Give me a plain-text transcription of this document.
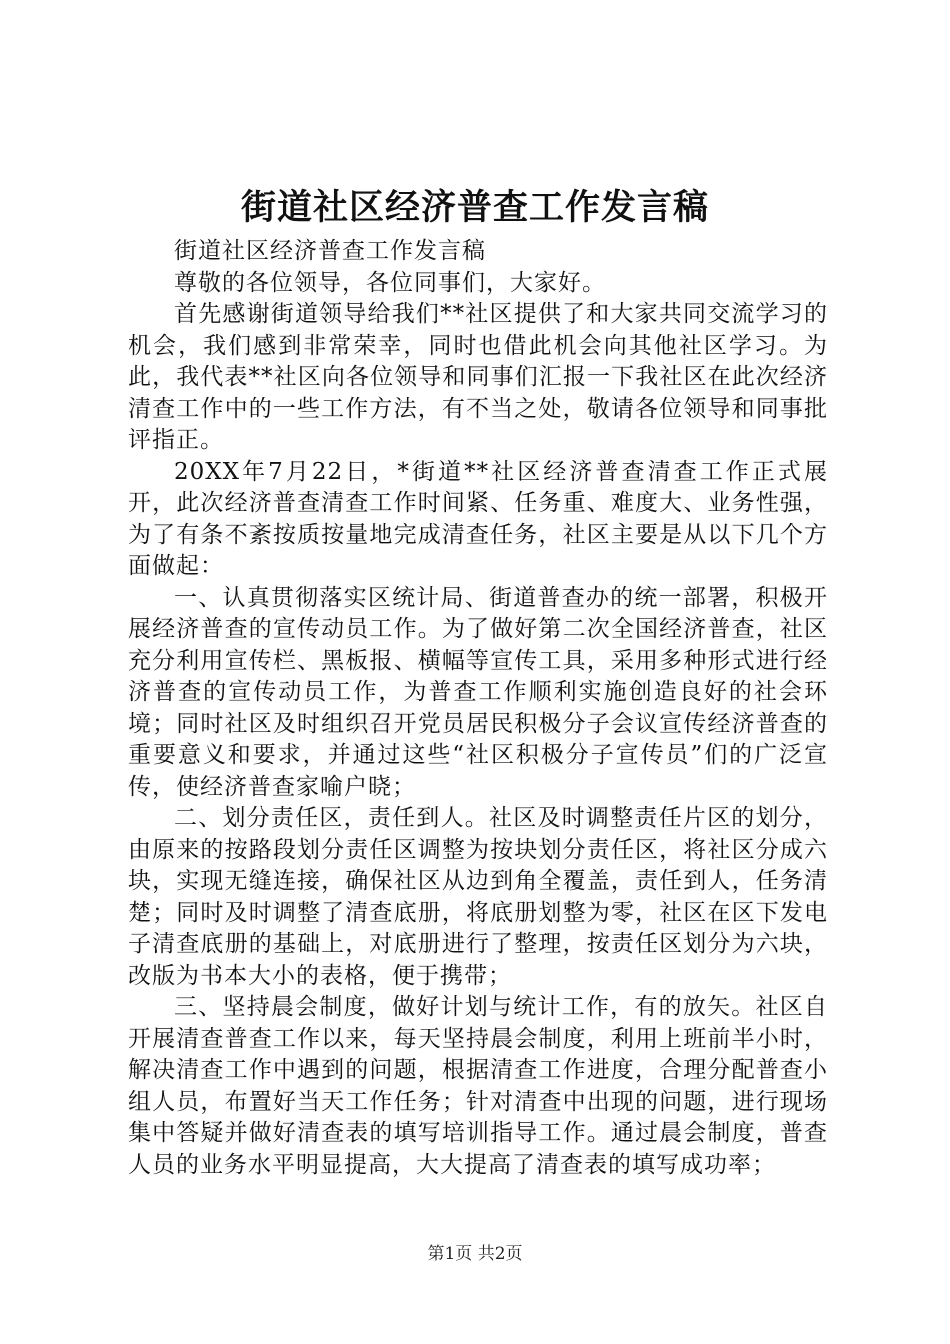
街道社区经济普查工作发言稿

街道社区经济普查工作发言稿

尊敬的各位领导，各位同事们，大家好。

首先感谢街道领导给我们**社区提供了和大家共同交流学习的机会，我们感到非常荣幸，同时也借此机会向其他社区学习。为此，我代表**社区向各位领导和同事们汇报一下我社区在此次经济清查工作中的一些工作方法，有不当之处，敬请各位领导和同事批评指正。

20XX年7月22日，*街道**社区经济普查清查工作正式展开，此次经济普查清查工作时间紧、任务重、难度大、业务性强，为了有条不紊按质按量地完成清查任务，社区主要是从以下几个方面做起：

一、认真贯彻落实区统计局、街道普查办的统一部署，积极开展经济普查的宣传动员工作。为了做好第二次全国经济普查，社区充分利用宣传栏、黑板报、横幅等宣传工具，采用多种形式进行经济普查的宣传动员工作，为普查工作顺利实施创造良好的社会环境；同时社区及时组织召开党员居民积极分子会议宣传经济普查的重要意义和要求，并通过这些“社区积极分子宣传员”们的广泛宣传，使经济普查家喻户晓；

二、划分责任区，责任到人。社区及时调整责任片区的划分，由原来的按路段划分责任区调整为按块划分责任区，将社区分成六块，实现无缝连接，确保社区从边到角全覆盖，责任到人，任务清楚；同时及时调整了清查底册，将底册划整为零，社区在区下发电子清查底册的基础上，对底册进行了整理，按责任区划分为六块，改版为书本大小的表格，便于携带；

三、坚持晨会制度，做好计划与统计工作，有的放矢。社区自开展清查普查工作以来，每天坚持晨会制度，利用上班前半小时，解决清查工作中遇到的问题，根据清查工作进度，合理分配普查小组人员，布置好当天工作任务；针对清查中出现的问题，进行现场集中答疑并做好清查表的填写培训指导工作。通过晨会制度，普查人员的业务水平明显提高，大大提高了清查表的填写成功率；

第1页 共2页
